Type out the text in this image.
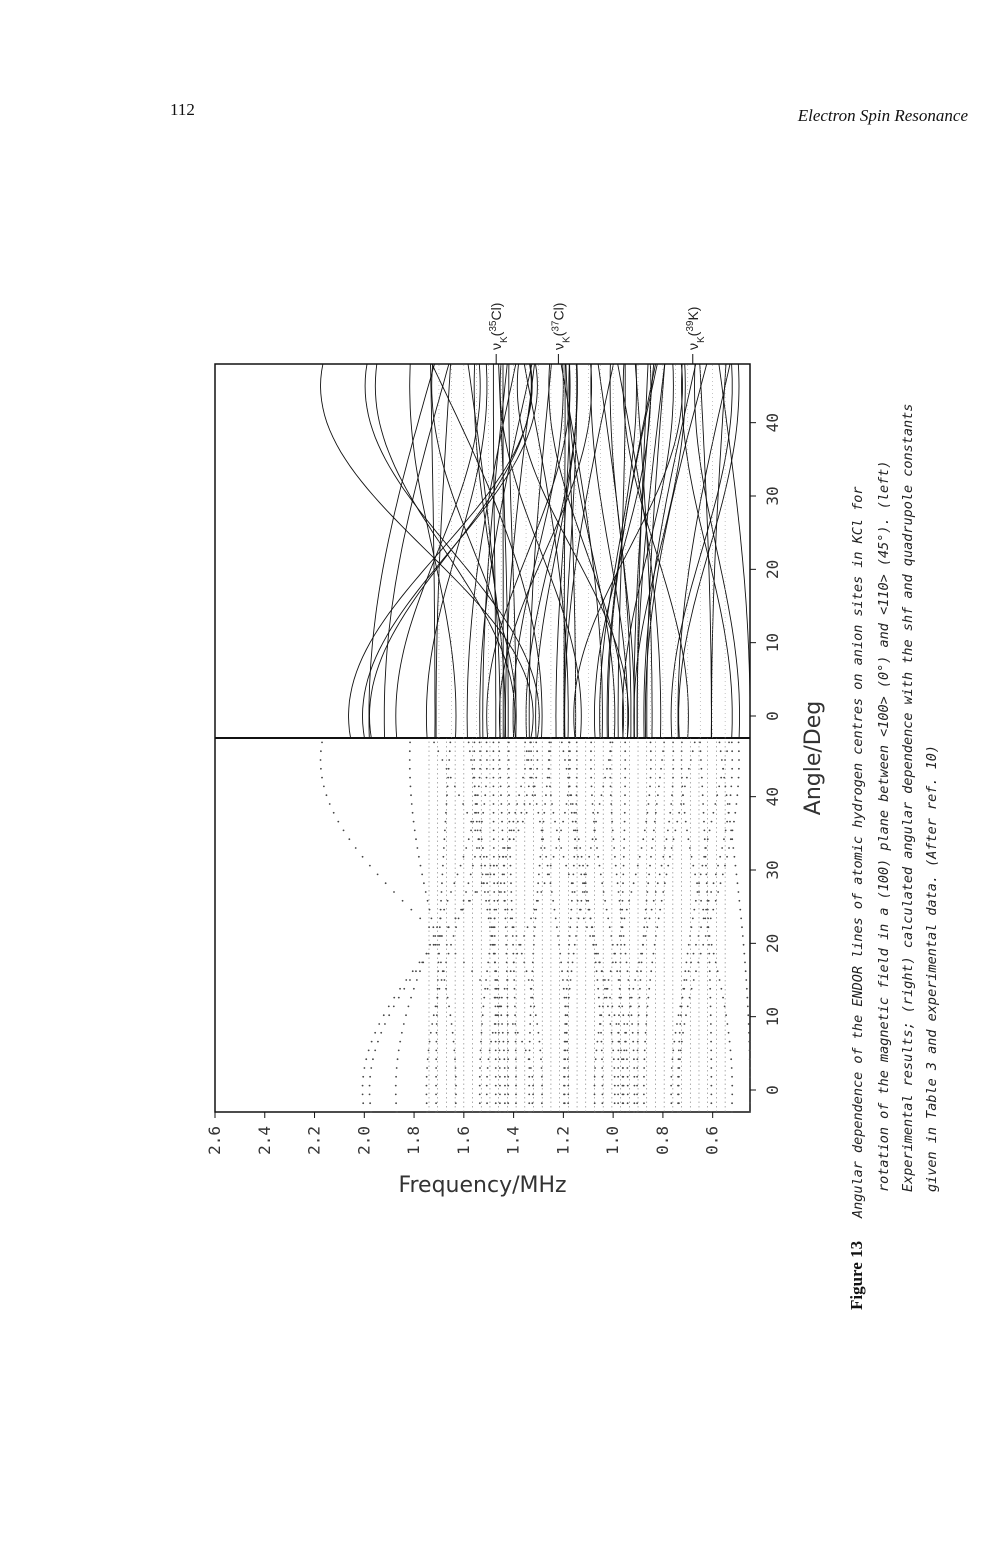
112	Electron Spin Resonance
2.6 2.4 2.2 2.0 1.8 1.6 1.4 1.2 1.0 0.8 0.6
0
10
20
30
40
0
10
20
30
40
Angle/Deg
Frequency/MHz
$\nu_K(^{35}Cl)$
$\nu_K(^{37}Cl)$
$\nu_K(^{39}K)$
Figure 13
Angular dependence of the ENDOR lines of atomic hydrogen centres on anion sites in KCl for rotation of the magnetic field in a (100) plane between <100> (0°) and <110> (45°). (left) Experimental results; (right) calculated angular dependence with the shf and quadrupole constants given in Table 3 and experimental data. (After ref. 10)
